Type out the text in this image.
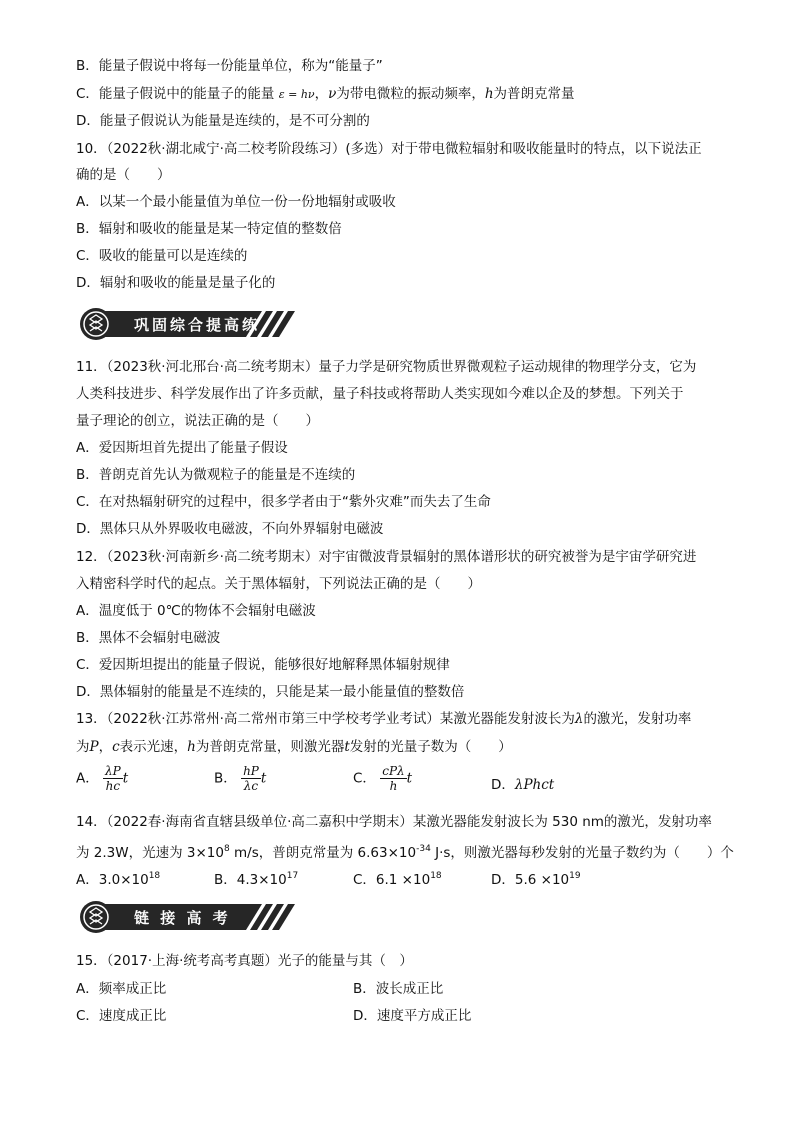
B．能量子假说中将每一份能量单位，称为“能量子”
C．能量子假说中的能量子的能量 ε = hν，ν为带电微粒的振动频率，h为普朗克常量
D．能量子假说认为能量是连续的，是不可分割的
10．（2022秋·湖北咸宁·高二校考阶段练习）(多选）对于带电微粒辐射和吸收能量时的特点，以下说法正
确的是（　　）
A．以某一个最小能量值为单位一份一份地辐射或吸收
B．辐射和吸收的能量是某一特定值的整数倍
C．吸收的能量可以是连续的
D．辐射和吸收的能量是量子化的
巩固综合提高练
11．（2023秋·河北邢台·高二统考期末）量子力学是研究物质世界微观粒子运动规律的物理学分支，它为
人类科技进步、科学发展作出了许多贡献，量子科技或将帮助人类实现如今难以企及的梦想。下列关于
量子理论的创立，说法正确的是（　　）
A．爱因斯坦首先提出了能量子假设
B．普朗克首先认为微观粒子的能量是不连续的
C．在对热辐射研究的过程中，很多学者由于“紫外灾难”而失去了生命
D．黑体只从外界吸收电磁波，不向外界辐射电磁波
12．（2023秋·河南新乡·高二统考期末）对宇宙微波背景辐射的黑体谱形状的研究被誉为是宇宙学研究进
入精密科学时代的起点。关于黑体辐射，下列说法正确的是（　　）
A．温度低于 0℃的物体不会辐射电磁波
B．黑体不会辐射电磁波
C．爱因斯坦提出的能量子假说，能够很好地解释黑体辐射规律
D．黑体辐射的能量是不连续的，只能是某一最小能量值的整数倍
13．（2022秋·江苏常州·高二常州市第三中学校考学业考试）某激光器能发射波长为λ的激光，发射功率
为P，c表示光速，h为普朗克常量，则激光器t发射的光量子数为（　　）
A． $\frac{\lambda P}{hc}$ t	B． $\frac{hP}{\lambda c}$ t	C． $\frac{\text{cPλ}}{h}$ t	D．λPhct
14．（2022春·海南省直辖县级单位·高二嘉积中学期末）某激光器能发射波长为 530 nm的激光，发射功率
为 2.3W，光速为 $3\times 10^8$ m/s，普朗克常量为 $6.63\times 10^{-34}$ J·s，则激光器每秒发射的光量子数约为（　　）个
A．$3.0\times 10^{18}$	B．$4.3\times 10^{17}$	C．$6.1 \times 10^{18}$	D．$5.6 \times 10^{19}$
链 接 高 考
15．（2017·上海·统考高考真题）光子的能量与其（　）
A．频率成正比	B．波长成正比
C．速度成正比	D．速度平方成正比
